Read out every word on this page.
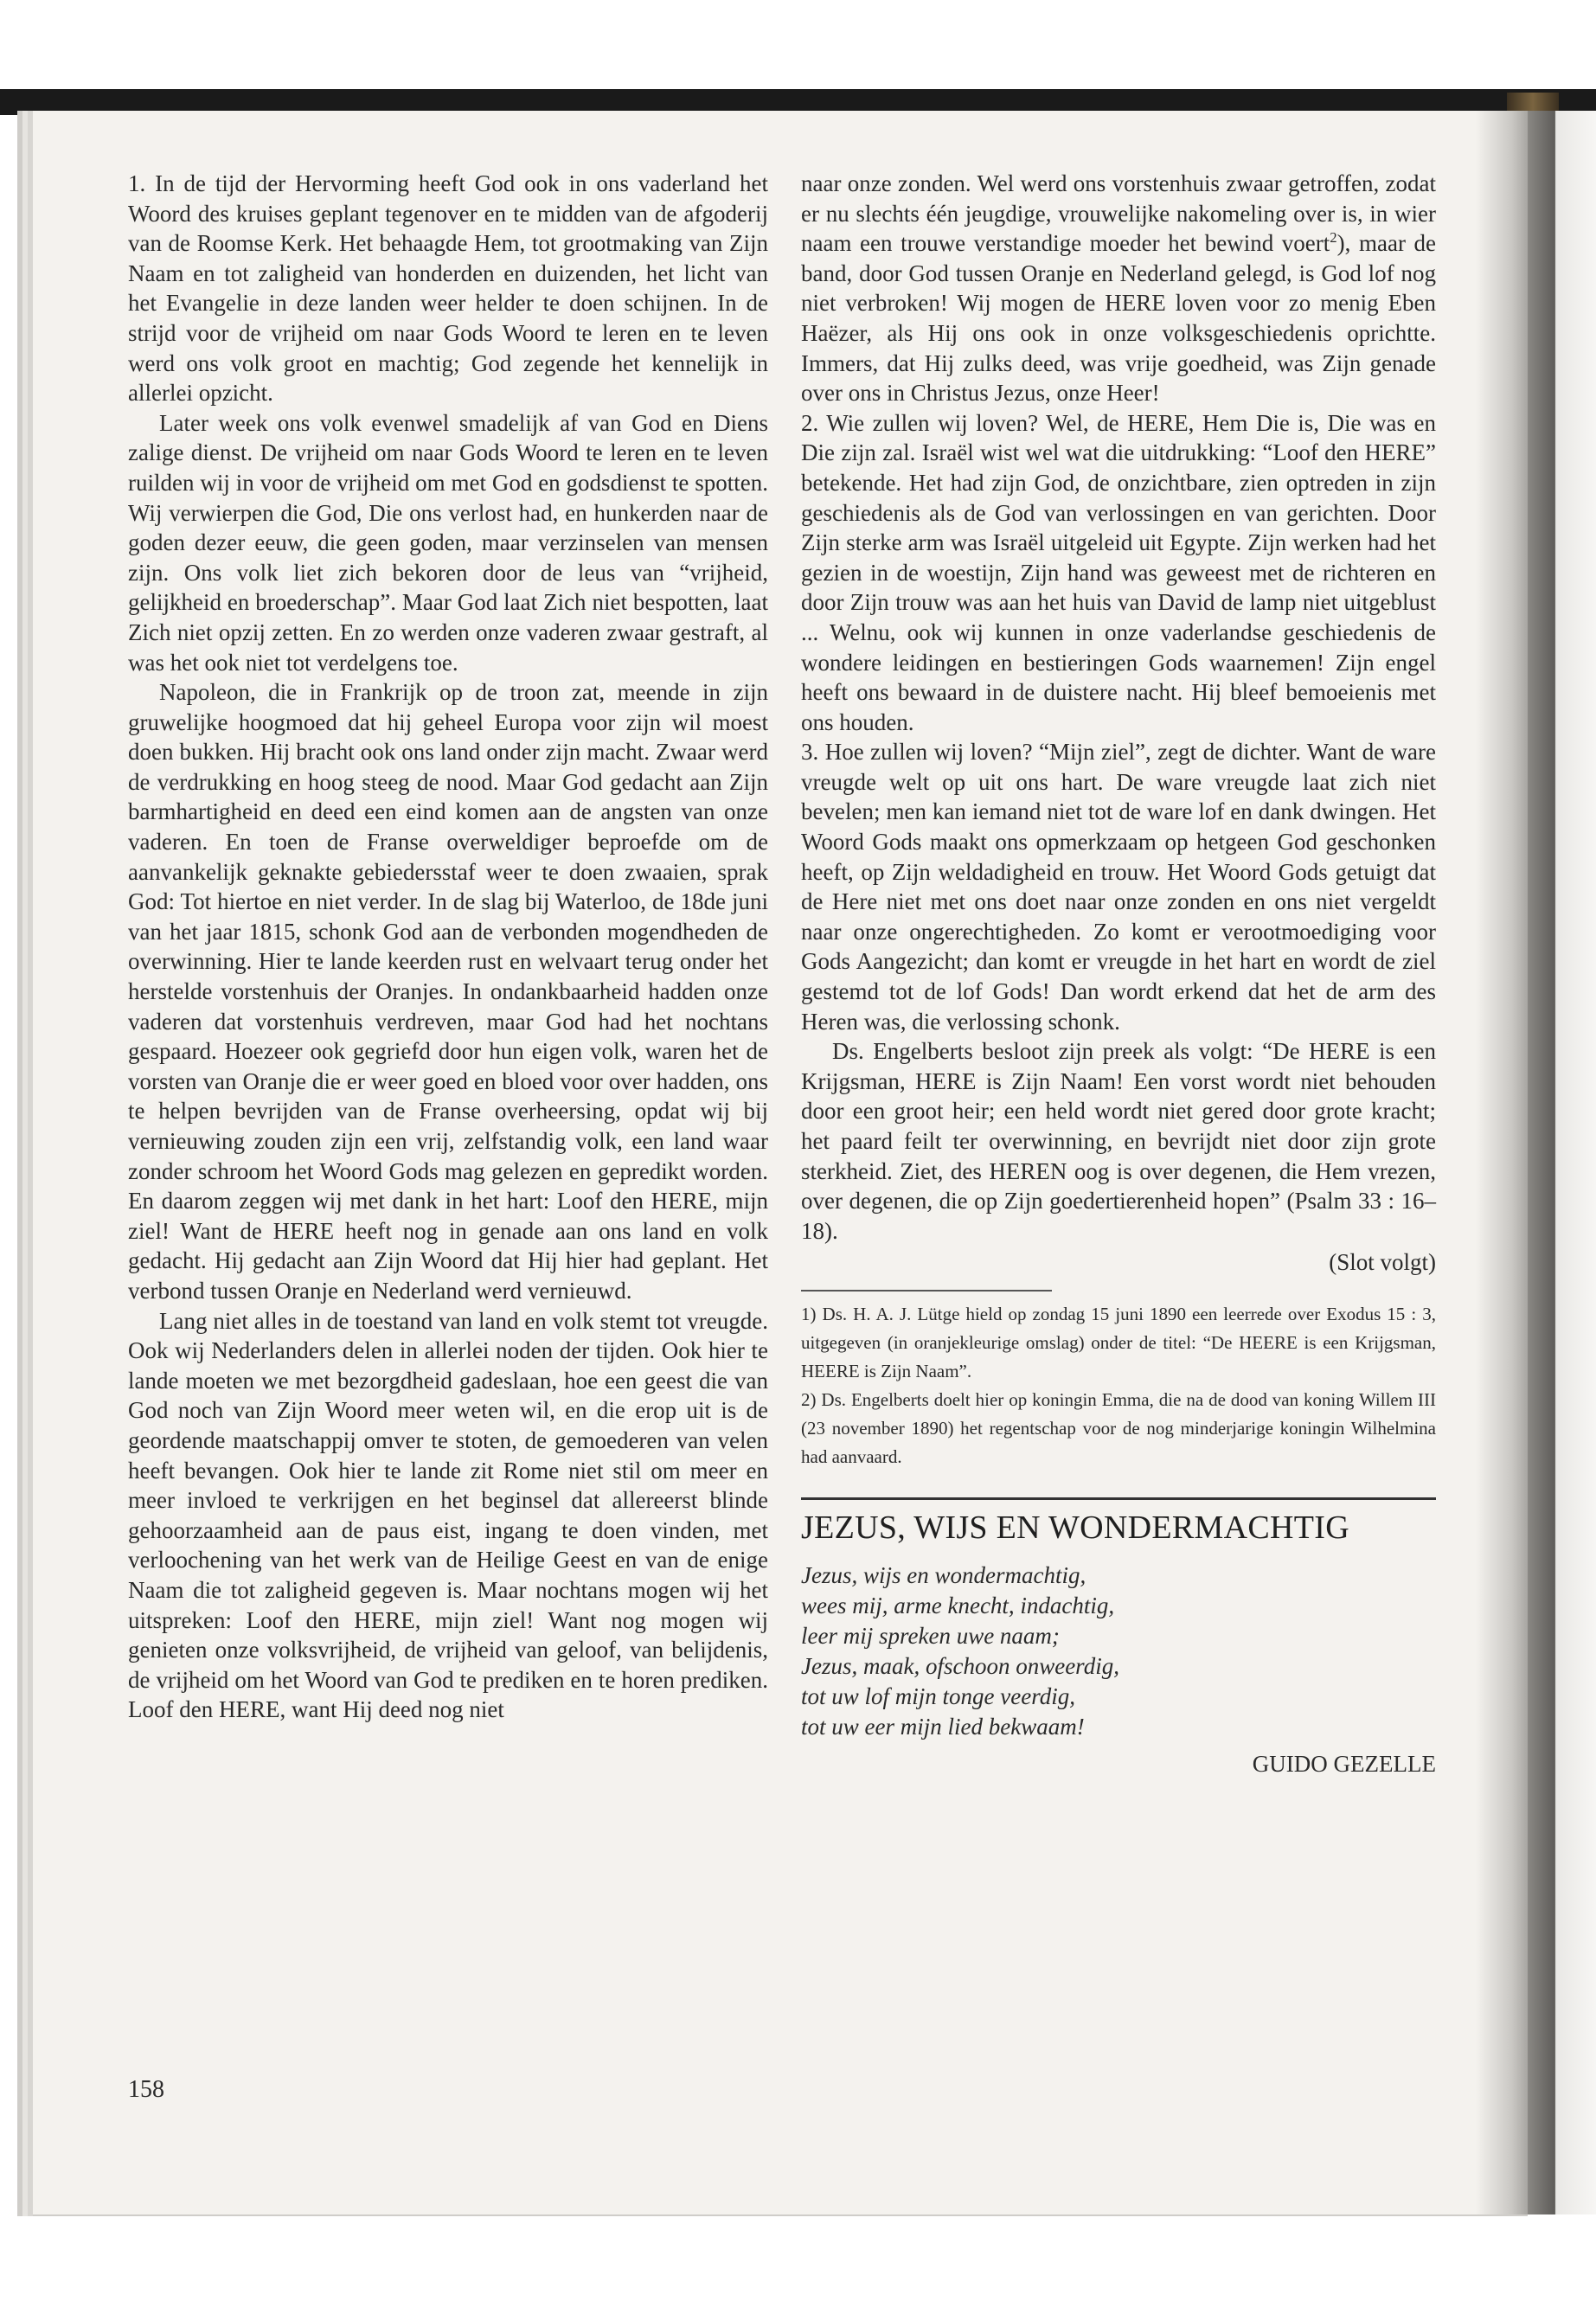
1. In de tijd der Hervorming heeft God ook in ons vaderland het Woord des kruises geplant tegenover en te midden van de afgoderij van de Roomse Kerk. Het behaagde Hem, tot grootmaking van Zijn Naam en tot zaligheid van honderden en duizenden, het licht van het Evangelie in deze landen weer helder te doen schijnen. In de strijd voor de vrijheid om naar Gods Woord te leren en te leven werd ons volk groot en machtig; God zegende het kennelijk in allerlei opzicht.

Later week ons volk evenwel smadelijk af van God en Diens zalige dienst. De vrijheid om naar Gods Woord te leren en te leven ruilden wij in voor de vrijheid om met God en godsdienst te spotten. Wij verwierpen die God, Die ons verlost had, en hunkerden naar de goden dezer eeuw, die geen goden, maar verzinselen van mensen zijn. Ons volk liet zich bekoren door de leus van “vrijheid, gelijkheid en broederschap”. Maar God laat Zich niet bespotten, laat Zich niet opzij zetten. En zo werden onze vaderen zwaar gestraft, al was het ook niet tot verdelgens toe.

Napoleon, die in Frankrijk op de troon zat, meende in zijn gruwelijke hoogmoed dat hij geheel Europa voor zijn wil moest doen bukken. Hij bracht ook ons land onder zijn macht. Zwaar werd de verdrukking en hoog steeg de nood. Maar God gedacht aan Zijn barmhartigheid en deed een eind komen aan de angsten van onze vaderen. En toen de Franse overweldiger beproefde om de aanvankelijk geknakte gebiedersstaf weer te doen zwaaien, sprak God: Tot hiertoe en niet verder. In de slag bij Waterloo, de 18de juni van het jaar 1815, schonk God aan de verbonden mogendheden de overwinning. Hier te lande keerden rust en welvaart terug onder het herstelde vorstenhuis der Oranjes. In ondankbaarheid hadden onze vaderen dat vorstenhuis verdreven, maar God had het nochtans gespaard. Hoezeer ook gegriefd door hun eigen volk, waren het de vorsten van Oranje die er weer goed en bloed voor over hadden, ons te helpen bevrijden van de Franse overheersing, opdat wij bij vernieuwing zouden zijn een vrij, zelfstandig volk, een land waar zonder schroom het Woord Gods mag gelezen en gepredikt worden. En daarom zeggen wij met dank in het hart: Loof den HERE, mijn ziel! Want de HERE heeft nog in genade aan ons land en volk gedacht. Hij gedacht aan Zijn Woord dat Hij hier had geplant. Het verbond tussen Oranje en Nederland werd vernieuwd.

Lang niet alles in de toestand van land en volk stemt tot vreugde. Ook wij Nederlanders delen in allerlei noden der tijden. Ook hier te lande moeten we met bezorgdheid gadeslaan, hoe een geest die van God noch van Zijn Woord meer weten wil, en die erop uit is de geordende maatschappij omver te stoten, de gemoederen van velen heeft bevangen. Ook hier te lande zit Rome niet stil om meer en meer invloed te verkrijgen en het beginsel dat allereerst blinde gehoorzaamheid aan de paus eist, ingang te doen vinden, met verloochening van het werk van de Heilige Geest en van de enige Naam die tot zaligheid gegeven is. Maar nochtans mogen wij het uitspreken: Loof den HERE, mijn ziel! Want nog mogen wij genieten onze volksvrijheid, de vrijheid van geloof, van belijdenis, de vrijheid om het Woord van God te prediken en te horen prediken. Loof den HERE, want Hij deed nog niet

naar onze zonden. Wel werd ons vorstenhuis zwaar getroffen, zodat er nu slechts één jeugdige, vrouwelijke nakomeling over is, in wier naam een trouwe verstandige moeder het bewind voert$^2$), maar de band, door God tussen Oranje en Nederland gelegd, is God lof nog niet verbroken! Wij mogen de HERE loven voor zo menig Eben Haëzer, als Hij ons ook in onze volksgeschiedenis oprichtte. Immers, dat Hij zulks deed, was vrije goedheid, was Zijn genade over ons in Christus Jezus, onze Heer!

2. Wie zullen wij loven? Wel, de HERE, Hem Die is, Die was en Die zijn zal. Israël wist wel wat die uitdrukking: “Loof den HERE” betekende. Het had zijn God, de onzichtbare, zien optreden in zijn geschiedenis als de God van verlossingen en van gerichten. Door Zijn sterke arm was Israël uitgeleid uit Egypte. Zijn werken had het gezien in de woestijn, Zijn hand was geweest met de richteren en door Zijn trouw was aan het huis van David de lamp niet uitgeblust ... Welnu, ook wij kunnen in onze vaderlandse geschiedenis de wondere leidingen en bestieringen Gods waarnemen! Zijn engel heeft ons bewaard in de duistere nacht. Hij bleef bemoeienis met ons houden.

3. Hoe zullen wij loven? “Mijn ziel”, zegt de dichter. Want de ware vreugde welt op uit ons hart. De ware vreugde laat zich niet bevelen; men kan iemand niet tot de ware lof en dank dwingen. Het Woord Gods maakt ons opmerkzaam op hetgeen God geschonken heeft, op Zijn weldadigheid en trouw. Het Woord Gods getuigt dat de Here niet met ons doet naar onze zonden en ons niet vergeldt naar onze ongerechtigheden. Zo komt er verootmoediging voor Gods Aangezicht; dan komt er vreugde in het hart en wordt de ziel gestemd tot de lof Gods! Dan wordt erkend dat het de arm des Heren was, die verlossing schonk.

Ds. Engelberts besloot zijn preek als volgt: “De HERE is een Krijgsman, HERE is Zijn Naam! Een vorst wordt niet behouden door een groot heir; een held wordt niet gered door grote kracht; het paard feilt ter overwinning, en bevrijdt niet door zijn grote sterkheid. Ziet, des HEREN oog is over degenen, die Hem vrezen, over degenen, die op Zijn goedertierenheid hopen” (Psalm 33 : 16–18).

(Slot volgt)

1) Ds. H. A. J. Lütge hield op zondag 15 juni 1890 een leerrede over Exodus 15 : 3, uitgegeven (in oranjekleurige omslag) onder de titel: “De HEERE is een Krijgsman, HEERE is Zijn Naam”.

2) Ds. Engelberts doelt hier op koningin Emma, die na de dood van koning Willem III (23 november 1890) het regentschap voor de nog minderjarige koningin Wilhelmina had aanvaard.

JEZUS, WIJS EN WONDERMACHTIG

Jezus, wijs en wondermachtig,

wees mij, arme knecht, indachtig,

leer mij spreken uwe naam;

Jezus, maak, ofschoon onweerdig,

tot uw lof mijn tonge veerdig,

tot uw eer mijn lied bekwaam!

GUIDO GEZELLE

158
